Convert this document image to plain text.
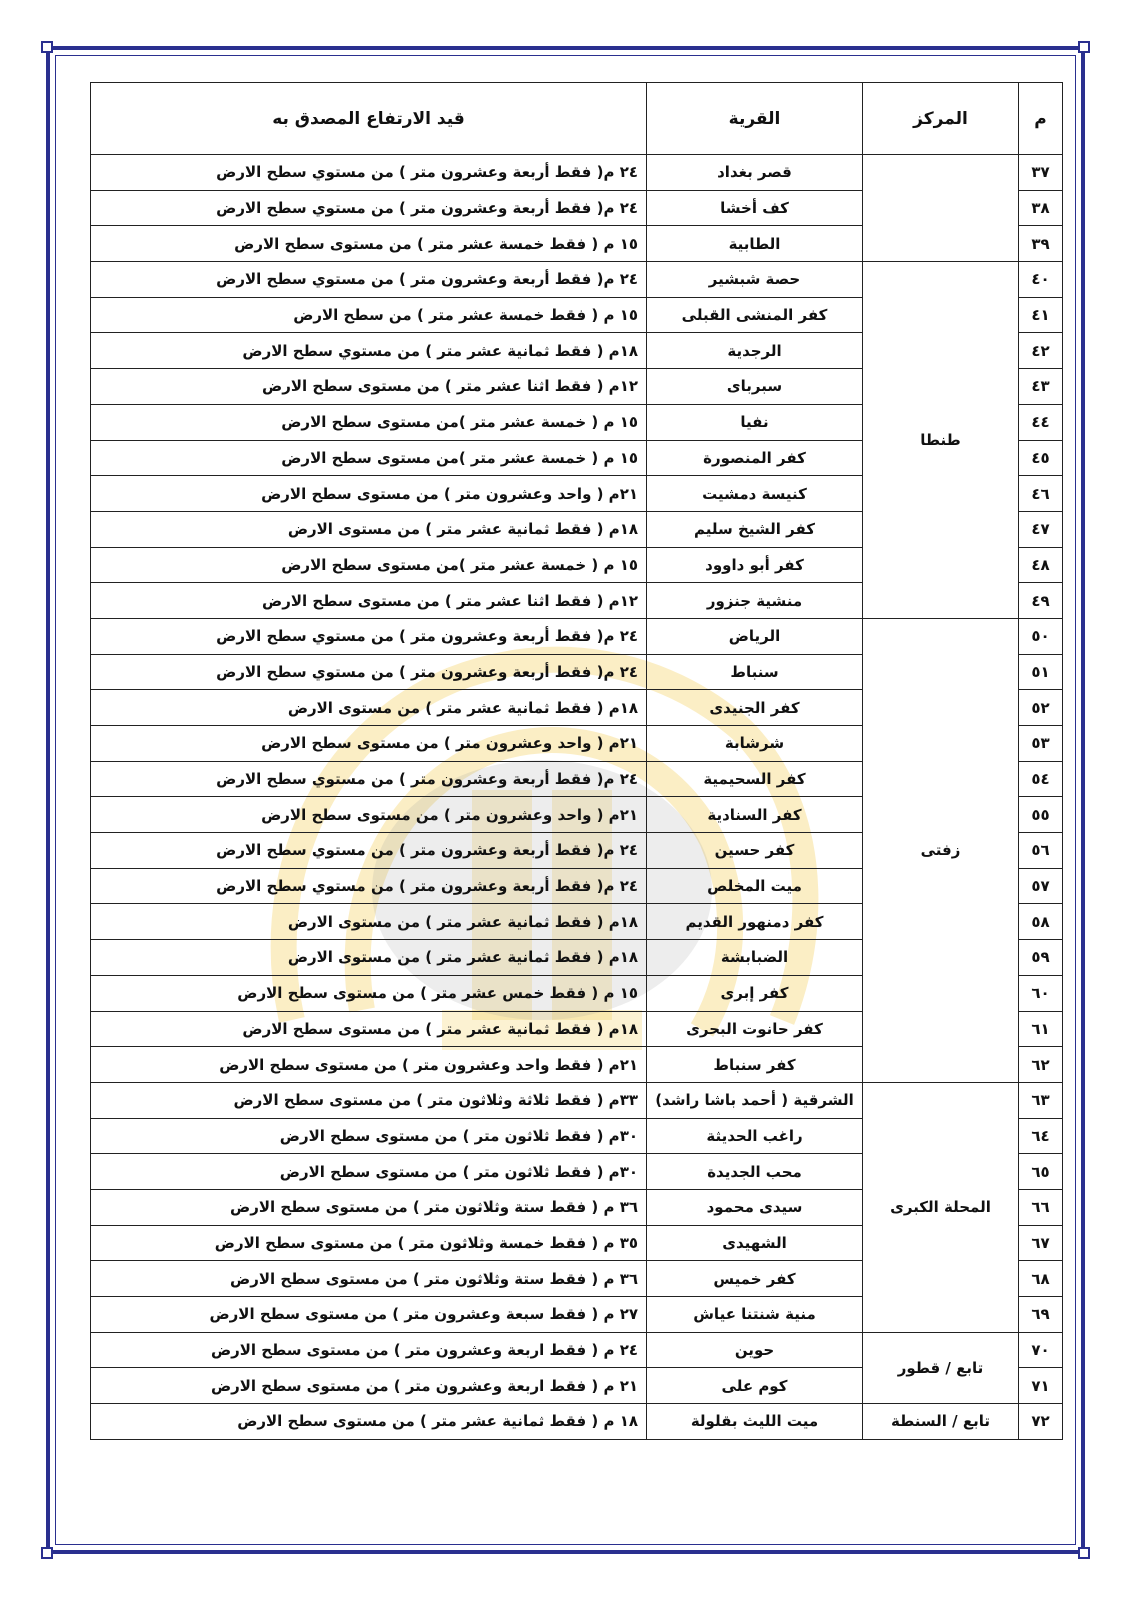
م	المركز	القرية	قيد الارتفاع المصدق به
٣٧		قصر بغداد	٢٤ م( فقط أربعة وعشرون متر ) من مستوي سطح الارض
٣٨		كف أخشا	٢٤ م( فقط أربعة وعشرون متر ) من مستوي سطح الارض
٣٩		الطابية	١٥ م ( فقط خمسة عشر متر ) من مستوى سطح الارض
٤٠	طنطا	حصة شبشير	٢٤ م( فقط أربعة وعشرون متر ) من مستوي سطح الارض
٤١		كفر المنشى القبلى	١٥ م ( فقط خمسة عشر متر ) من سطح الارض
٤٢		الرجدية	١٨م ( فقط ثمانية عشر متر ) من مستوي سطح الارض
٤٣		سبرباى	١٢م ( فقط اثنا عشر متر ) من مستوى سطح الارض
٤٤		نفيا	١٥ م ( خمسة عشر متر )من مستوى سطح الارض
٤٥		كفر المنصورة	١٥ م ( خمسة عشر متر )من مستوى سطح الارض
٤٦		كنيسة دمشيت	٢١م ( واحد وعشرون متر ) من مستوى سطح الارض
٤٧		كفر الشيخ سليم	١٨م ( فقط ثمانية عشر متر ) من مستوى الارض
٤٨		كفر أبو داوود	١٥ م ( خمسة عشر متر )من مستوى سطح الارض
٤٩		منشية جنزور	١٢م ( فقط اثنا عشر متر ) من مستوى سطح الارض
٥٠	زفتى	الرياض	٢٤ م( فقط أربعة وعشرون متر ) من مستوي سطح الارض
٥١		سنباط	٢٤ م( فقط أربعة وعشرون متر ) من مستوي سطح الارض
٥٢		كفر الجنيدى	١٨م ( فقط ثمانية عشر متر ) من مستوى الارض
٥٣		شرشابة	٢١م ( واحد وعشرون متر ) من مستوى سطح الارض
٥٤		كفر السحيمية	٢٤ م( فقط أربعة وعشرون متر ) من مستوي سطح الارض
٥٥		كفر السنادية	٢١م ( واحد وعشرون متر ) من مستوى سطح الارض
٥٦		كفر حسين	٢٤ م( فقط أربعة وعشرون متر ) من مستوي سطح الارض
٥٧		ميت المخلص	٢٤ م( فقط أربعة وعشرون متر ) من مستوي سطح الارض
٥٨		كفر دمنهور القديم	١٨م ( فقط ثمانية عشر متر ) من مستوى الارض
٥٩		الضبابشة	١٨م ( فقط ثمانية عشر متر ) من مستوى الارض
٦٠		كفر إبرى	١٥ م ( فقط خمس عشر متر ) من مستوى سطح الارض
٦١		كفر حانوت البحرى	١٨م ( فقط ثمانية عشر متر ) من مستوى سطح الارض
٦٢		كفر سنباط	٢١م ( فقط واحد وعشرون متر ) من مستوى سطح الارض
٦٣	المحلة الكبرى	الشرقية ( أحمد باشا راشد)	٣٣م ( فقط ثلاثة وثلاثون متر ) من مستوى سطح الارض
٦٤		راغب الحديثة	٣٠م ( فقط ثلاثون متر ) من مستوى سطح الارض
٦٥		محب الجديدة	٣٠م ( فقط ثلاثون متر ) من مستوى سطح الارض
٦٦		سيدى محمود	٣٦ م ( فقط ستة وثلاثون متر ) من مستوى سطح الارض
٦٧		الشهيدى	٣٥ م ( فقط خمسة وثلاثون متر ) من مستوى سطح الارض
٦٨		كفر خميس	٣٦ م ( فقط ستة وثلاثون متر ) من مستوى سطح الارض
٦٩		منية شنتنا عياش	٢٧ م ( فقط سبعة وعشرون متر ) من مستوى سطح الارض
٧٠	تابع / قطور	حوين	٢٤ م ( فقط اربعة وعشرون متر ) من مستوى سطح الارض
٧١		كوم على	٢١ م ( فقط اربعة وعشرون متر ) من مستوى سطح الارض
٧٢	تابع / السنطة	ميت الليث بقلولة	١٨ م ( فقط ثمانية عشر متر ) من مستوى سطح الارض
